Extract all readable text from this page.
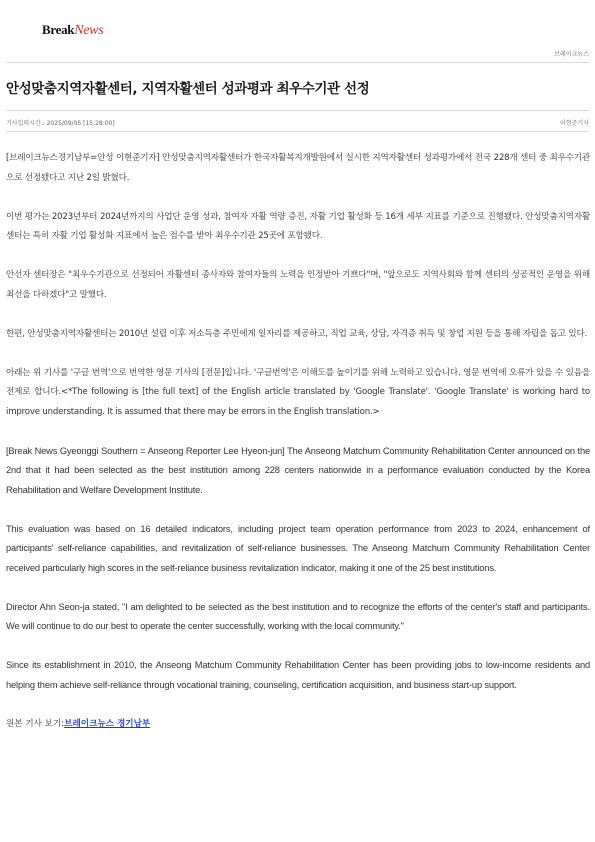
BreakNews
브레이크뉴스
안성맞춤지역자활센터, 지역자활센터 성과평과 최우수기관 선정
기사입력시간 : 2025/09/05 [15:28:00]	이현준기자

[브레이크뉴스경기남부=안성 이현준기자] 안성맞춤지역자활센터가 한국자활복지개발원에서 실시한 지역자활센터 성과평가에서 전국 228개 센터 중 최우수기관으로 선정됐다고 지난 2일 밝혔다.

이번 평가는 2023년부터 2024년까지의 사업단 운영 성과, 참여자 자활 역량 증진, 자활 기업 활성화 등 16개 세부 지표를 기준으로 진행됐다. 안성맞춤지역자활센터는 특히 자활 기업 활성화 지표에서 높은 점수를 받아 최우수기관 25곳에 포함됐다.

안선자 센터장은 "최우수기관으로 선정되어 자활센터 종사자와 참여자들의 노력을 인정받아 기쁘다"며, "앞으로도 지역사회와 함께 센터의 성공적인 운영을 위해 최선을 다하겠다"고 말했다.

한편, 안성맞춤지역자활센터는 2010년 설립 이후 저소득층 주민에게 일자리를 제공하고, 직업 교육, 상담, 자격증 취득 및 창업 지원 등을 통해 자립을 돕고 있다.

아래는 위 기사를 '구글 번역'으로 번역한 영문 기사의 [전문]입니다. '구글번역'은 이해도를 높이기를 위해 노력하고 있습니다. 영문 번역에 오류가 있을 수 있음을 전제로 합니다.<*The following is [the full text] of the English article translated by 'Google Translate'. 'Google Translate' is working hard to improve understanding. It is assumed that there may be errors in the English translation.>

[Break News Gyeonggi Southern = Anseong Reporter Lee Hyeon-jun] The Anseong Matchum Community Rehabilitation Center announced on the 2nd that it had been selected as the best institution among 228 centers nationwide in a performance evaluation conducted by the Korea Rehabilitation and Welfare Development Institute.

This evaluation was based on 16 detailed indicators, including project team operation performance from 2023 to 2024, enhancement of participants' self-reliance capabilities, and revitalization of self-reliance businesses. The Anseong Matchum Community Rehabilitation Center received particularly high scores in the self-reliance business revitalization indicator, making it one of the 25 best institutions.

Director Ahn Seon-ja stated, "I am delighted to be selected as the best institution and to recognize the efforts of the center's staff and participants. We will continue to do our best to operate the center successfully, working with the local community."

Since its establishment in 2010, the Anseong Matchum Community Rehabilitation Center has been providing jobs to low-income residents and helping them achieve self-reliance through vocational training, counseling, certification acquisition, and business start-up support.

원본 기사 보기:브레이크뉴스 경기남부
